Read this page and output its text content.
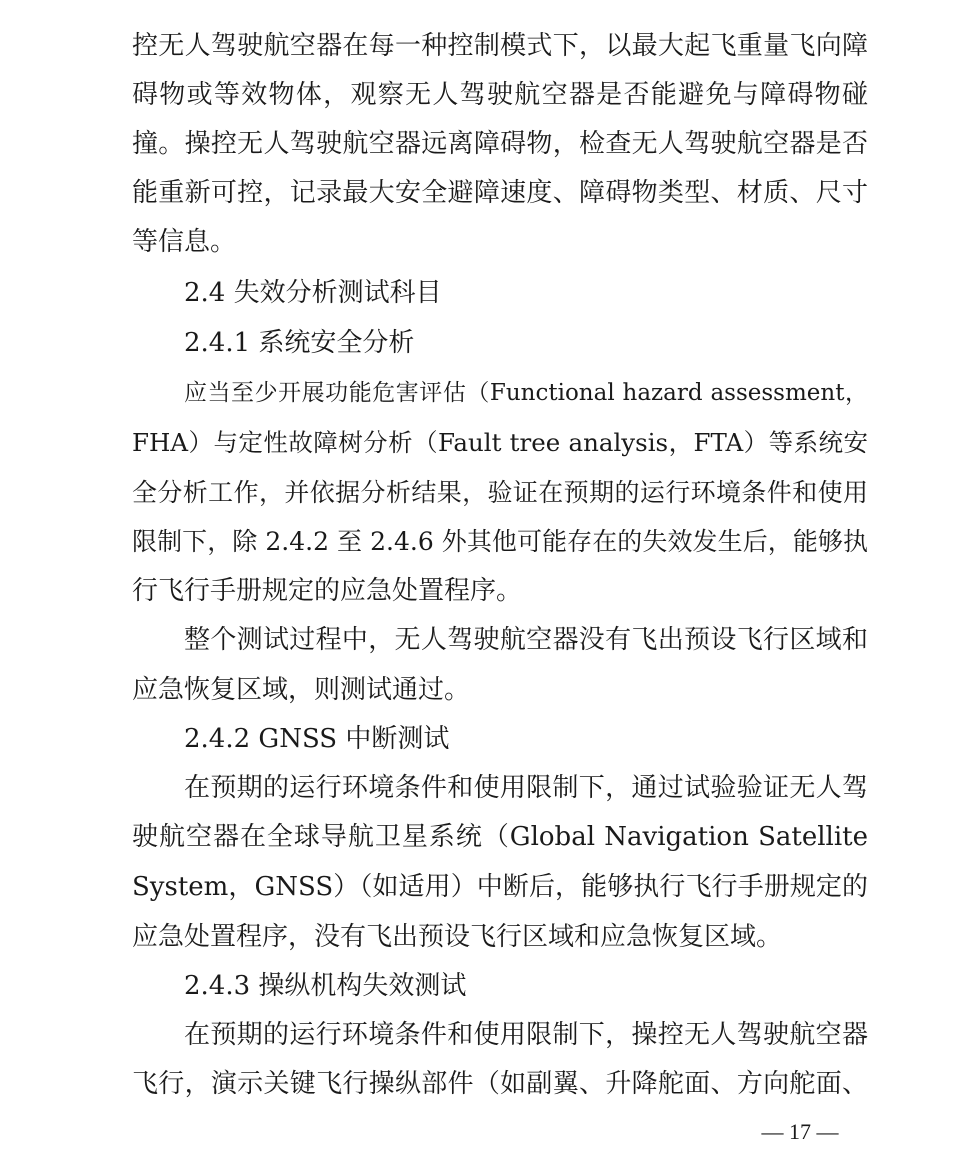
控无人驾驶航空器在每一种控制模式下，以最大起飞重量飞向障
碍物或等效物体，观察无人驾驶航空器是否能避免与障碍物碰
撞。操控无人驾驶航空器远离障碍物，检查无人驾驶航空器是否
能重新可控，记录最大安全避障速度、障碍物类型、材质、尺寸
等信息。
2.4 失效分析测试科目
2.4.1 系统安全分析
应当至少开展功能危害评估（Functional hazard assessment，
FHA）与定性故障树分析（Fault tree analysis，FTA）等系统安
全分析工作，并依据分析结果，验证在预期的运行环境条件和使用
限制下，除 2.4.2 至 2.4.6 外其他可能存在的失效发生后，能够执
行飞行手册规定的应急处置程序。
整个测试过程中，无人驾驶航空器没有飞出预设飞行区域和
应急恢复区域，则测试通过。
2.4.2 GNSS 中断测试
在预期的运行环境条件和使用限制下，通过试验验证无人驾
驶航空器在全球导航卫星系统（Global Navigation Satellite
System，GNSS）（如适用）中断后，能够执行飞行手册规定的
应急处置程序，没有飞出预设飞行区域和应急恢复区域。
2.4.3 操纵机构失效测试
在预期的运行环境条件和使用限制下，操控无人驾驶航空器
飞行，演示关键飞行操纵部件（如副翼、升降舵面、方向舵面、
— 17 —
